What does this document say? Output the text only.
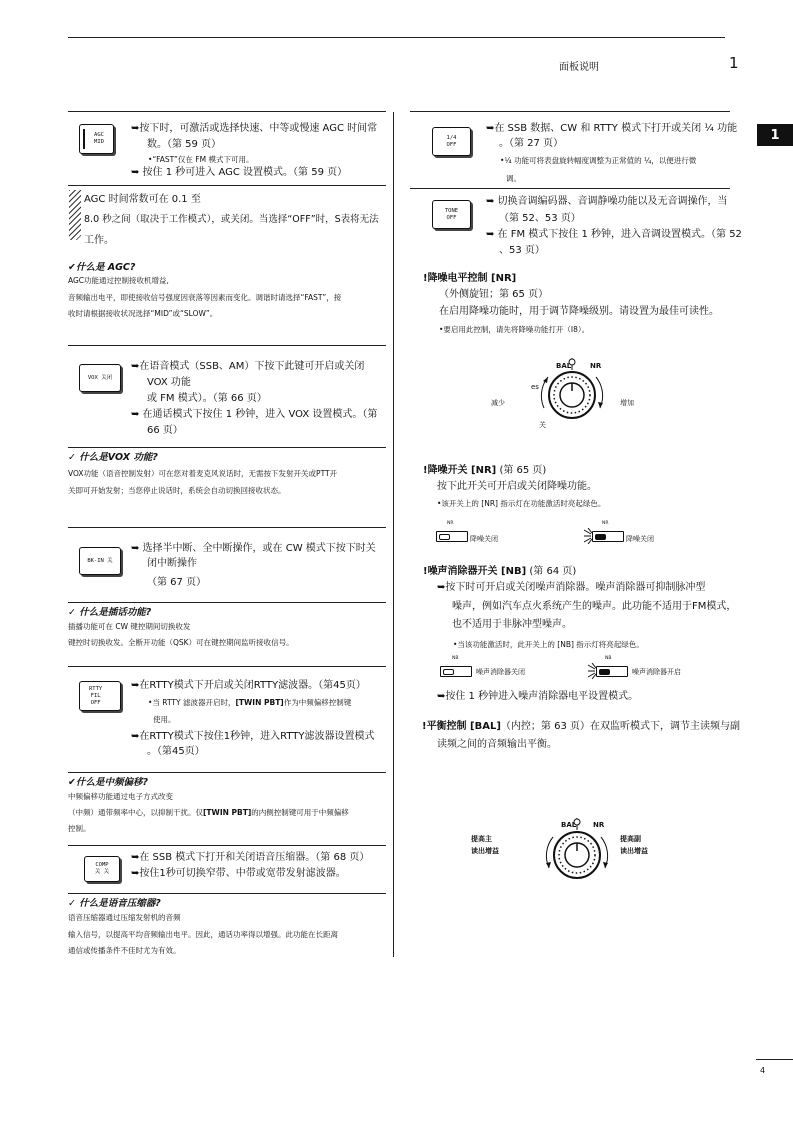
面板说明	1
1
AGC
MID
➥按下时，可激活或选择快速、中等或慢速 AGC 时间常
数。（第 59 页）
•“FAST”仅在 FM 模式下可用。
➥ 按住 1 秒可进入 AGC 设置模式。（第 59 页）
AGC 时间常数可在 0.1 至
8.0 秒之间（取决于工作模式），或关闭。当选择“OFF”时，S表将无法
工作。
✔什么是 AGC?
AGC功能通过控制接收机增益,
音频输出电平，即使接收信号强度因衰落等因素而变化。调谐时请选择“FAST”，接
收时请根据接收状况选择“MID”或“SLOW”。
VOX 关闭
➥在语音模式（SSB、AM）下按下此键可开启或关闭
VOX 功能
或 FM 模式）。（第 66 页）
➥ 在通话模式下按住 1 秒钟，进入 VOX 设置模式。（第
66 页）
✓ 什么是VOX 功能?
VOX功能（语音控制发射）可在您对着麦克风说话时，无需按下发射开关或PTT开
关即可开始发射；当您停止说话时，系统会自动切换回接收状态。
BK-IN 关
➥ 选择半中断、全中断操作，或在 CW 模式下按下时关
闭中断操作
（第 67 页）
✓ 什么是插话功能?
插播功能可在 CW 键控期间切换收发
键控时切换收发。全断开功能（QSK）可在键控期间监听接收信号。
RTTY
FIL
OFF
➥在RTTY模式下开启或关闭RTTY滤波器。（第45页）
•当 RTTY 滤波器开启时，[TWIN PBT]作为中频偏移控制键
使用。
➥在RTTY模式下按住1秒钟，进入RTTY滤波器设置模式
。（第45页）
✔什么是中频偏移?
中频偏移功能通过电子方式改变
（中频）通带频率中心，以抑制干扰。仅[TWIN PBT]的内侧控制键可用于中频偏移
控制。
COMP
关 关
➥在 SSB 模式下打开和关闭语音压缩器。（第 68 页）
➥按住1秒可切换窄带、中带或宽带发射滤波器。
✓ 什么是语音压缩器?
语音压缩器通过压缩发射机的音频
输入信号，以提高平均音频输出电平。因此，通话功率得以增强。此功能在长距离
通信或传播条件不佳时尤为有效。
1/4
OFF
➥在 SSB 数据、CW 和 RTTY 模式下打开或关闭 ¹⁄₄ 功能
。（第 27 页）
•¹⁄₄ 功能可将表盘旋转幅度调整为正常值的 ¼，以便进行微
调。
TONE
OFF
➥ 切换音调编码器、音调静噪功能以及无音调操作，当
（第 52、53 页）
➥ 在 FM 模式下按住 1 秒钟，进入音调设置模式。（第 52
、53 页）
!降噪电平控制 [NR]
（外侧旋钮；第 65 页）
在启用降噪功能时，用于调节降噪级别。请设置为最佳可读性。
•要启用此控制，请先将降噪功能打开（I8）。
BAL	NR
es
减少	增加
关
!降噪开关 [NR] (第 65 页)
按下此开关可开启或关闭降噪功能。
•该开关上的 [NR] 指示灯在功能激活时亮起绿色。
NR
降噪关闭
NR
降噪关闭
!噪声消除器开关 [NB] (第 64 页)
➥按下时可开启或关闭噪声消除器。噪声消除器可抑制脉冲型
噪声，例如汽车点火系统产生的噪声。此功能不适用于FM模式，
也不适用于非脉冲型噪声。
•当该功能激活时，此开关上的 [NB] 指示灯将亮起绿色。
NB
噪声消除器关闭
NB
噪声消除器开启
➥按住 1 秒钟进入噪声消除器电平设置模式。
!平衡控制 [BAL]（内控；第 63 页）在双监听模式下，调节主读频与副
读频之间的音频输出平衡。
BAL NR
提高主
读出增益
提高副
读出增益
4
